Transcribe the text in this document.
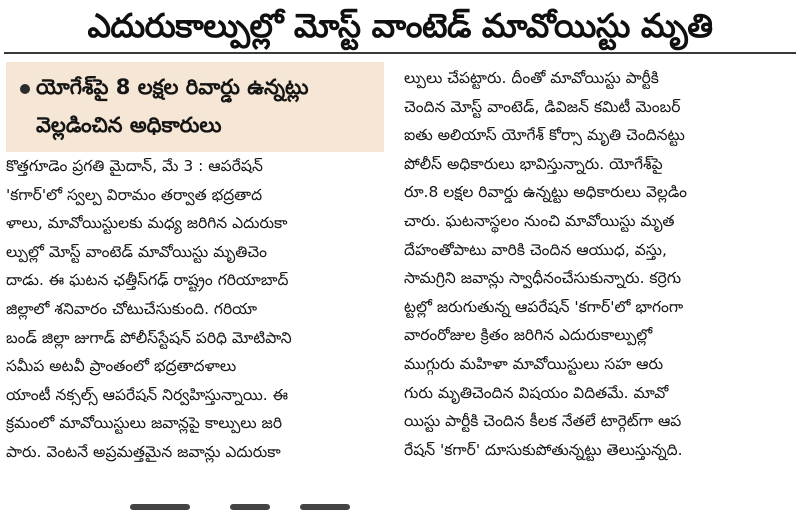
ఎదురుకాల్పుల్లో మోస్ట్ వాంటెడ్ మావోయిస్టు మృతి
యోగేశ్‌పై 8 లక్షల రివార్డు ఉన్నట్లు
వెల్లడించిన అధికారులు
కొత్తగూడెం ప్రగతి మైదాన్, మే 3 : ఆపరేషన్
'కగార్'లో స్వల్ప విరామం తర్వాత భద్రతాద
ళాలు, మావోయిస్టులకు మధ్య జరిగిన ఎదురుకా
ల్పుల్లో మోస్ట్ వాంటెడ్ మావోయిస్టు మృతిచెం
దాడు. ఈ ఘటన ఛత్తీస్‌గఢ్ రాష్ట్రం గరియాబాద్
జిల్లాలో శనివారం చోటుచేసుకుంది. గరియా
బండ్ జిల్లా జుగాడ్ పోలీస్‌స్టేషన్ పరిధి మోటిపాని
సమీప అటవీ ప్రాంతంలో భద్రతాదళాలు
యాంటీ నక్సల్స్ ఆపరేషన్ నిర్వహిస్తున్నాయి. ఈ
క్రమంలో మావోయిస్టులు జవాన్లపై కాల్పులు జరి
పారు. వెంటనే అప్రమత్తమైన జవాన్లు ఎదురుకా
ల్పులు చేపట్టారు. దీంతో మావోయిస్టు పార్టీకి
చెందిన మోస్ట్ వాంటెడ్, డివిజన్ కమిటీ మెంబర్
ఐతు అలియాస్ యోగేశ్ కోర్సా మృతి చెందినట్టు
పోలీస్ అధికారులు భావిస్తున్నారు. యోగేశ్‌పై
రూ.8 లక్షల రివార్డు ఉన్నట్టు అధికారులు వెల్లడిం
చారు. ఘటనాస్థలం నుంచి మావోయిస్టు మృత
దేహంతోపాటు వారికి చెందిన ఆయుధ, వస్తు,
సామగ్రిని జవాన్లు స్వాధీనంచేసుకున్నారు. కర్రెగు
ట్టల్లో జరుగుతున్న ఆపరేషన్ 'కగార్'లో భాగంగా
వారంరోజుల క్రితం జరిగిన ఎదురుకాల్పుల్లో
ముగ్గురు మహిళా మావోయిస్టులు సహ ఆరు
గురు మృతిచెందిన విషయం విదితమే. మావో
యిస్టు పార్టీకి చెందిన కీలక నేతలే టార్గెట్‌గా ఆప
రేషన్ 'కగార్' దూసుకుపోతున్నట్టు తెలుస్తున్నది.
